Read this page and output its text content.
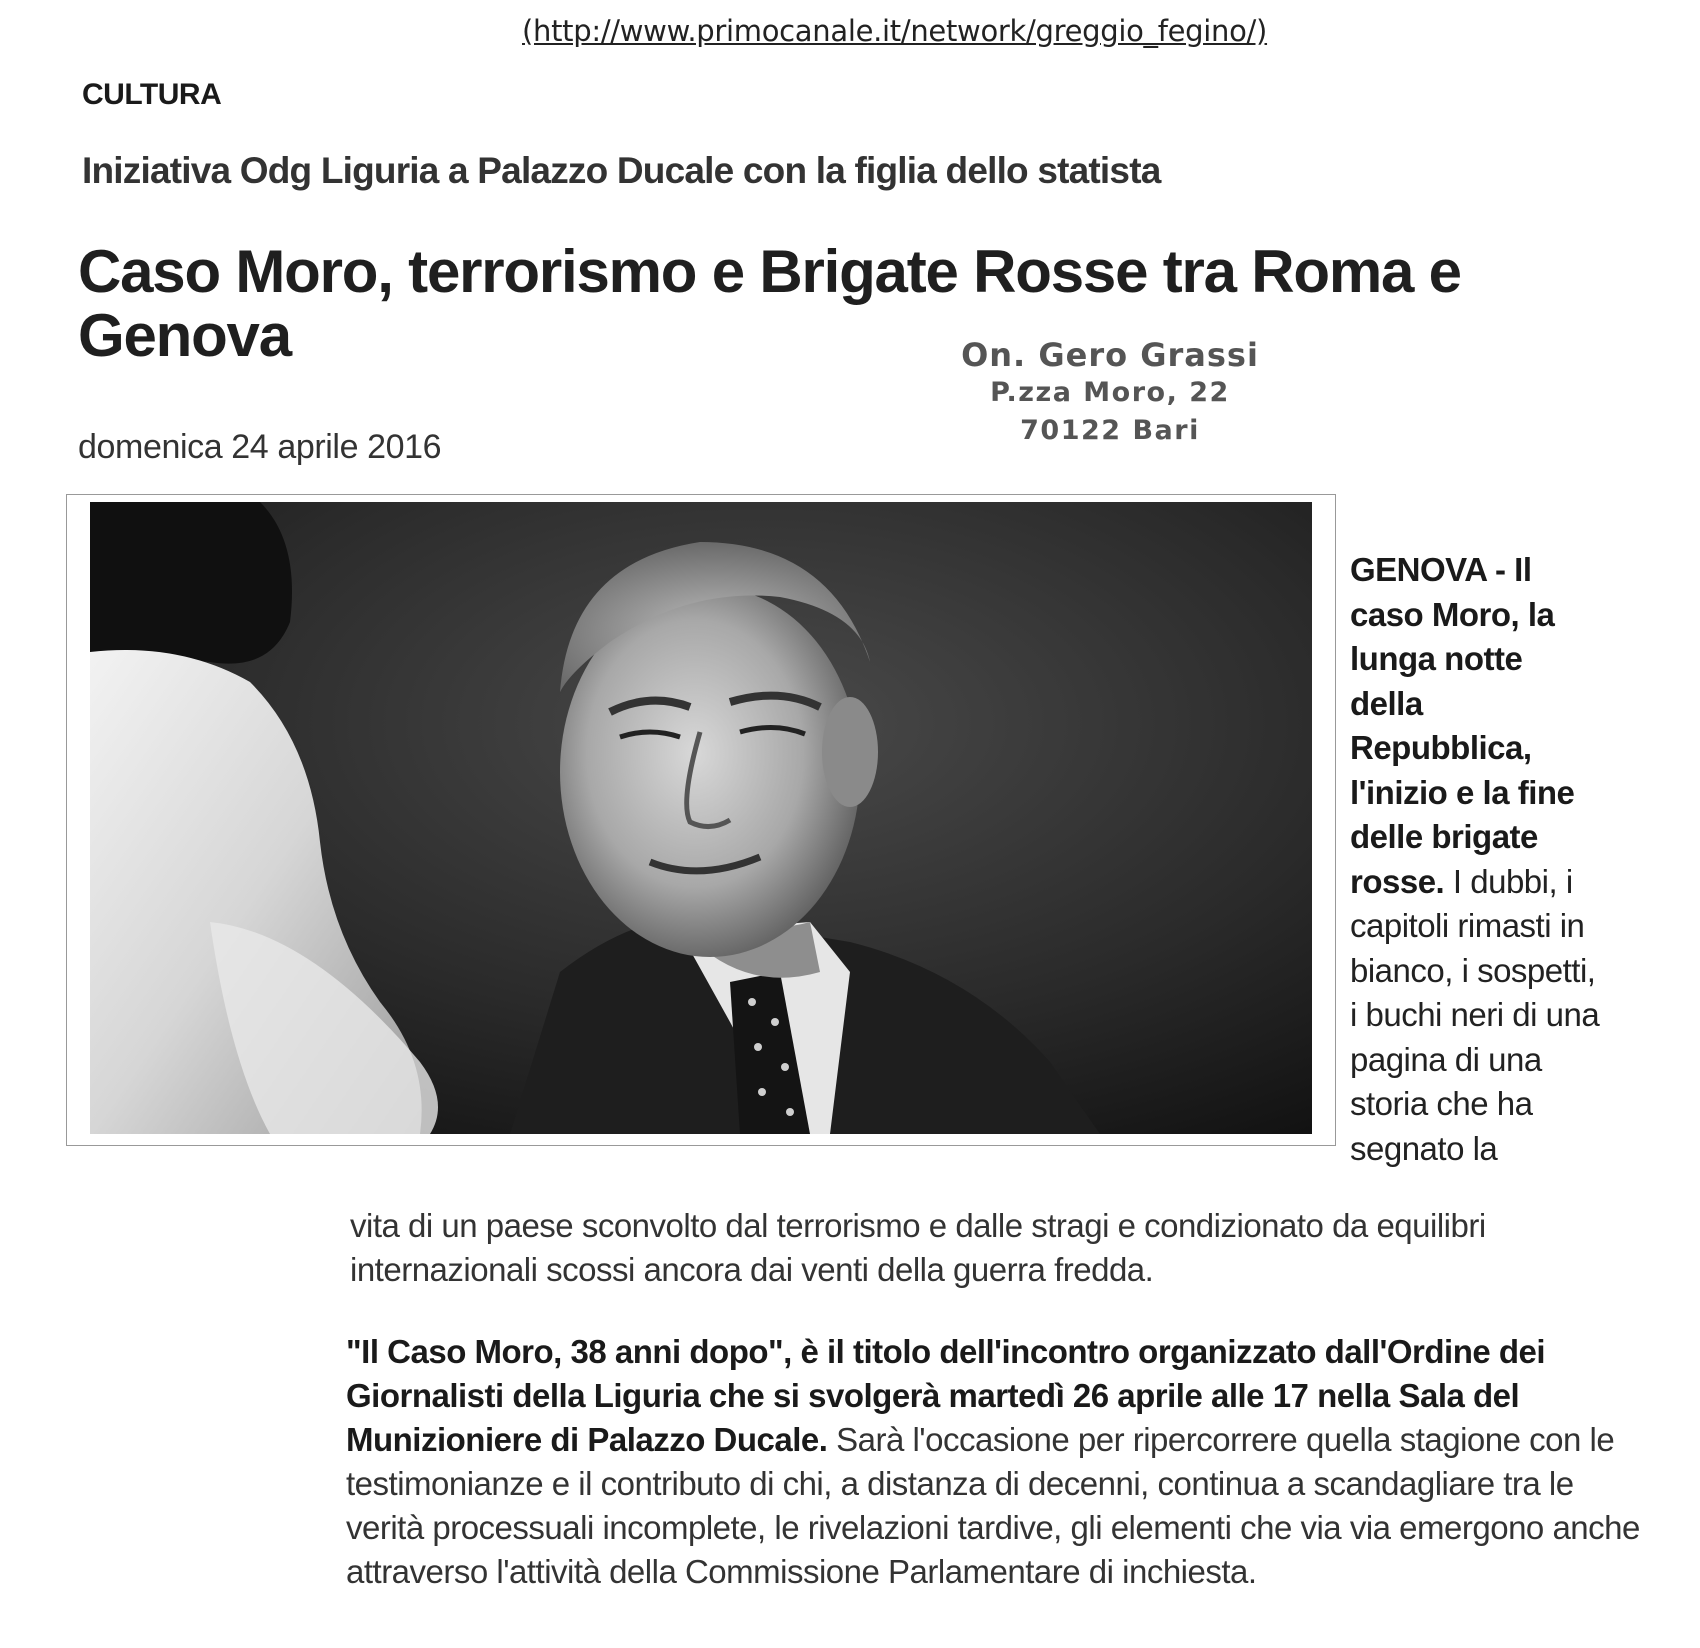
(http://www.primocanale.it/network/greggio_fegino/)
CULTURA
Iniziativa Odg Liguria a Palazzo Ducale con la figlia dello statista
Caso Moro, terrorismo e Brigate Rosse tra Roma e Genova	On. Gero Grassi
P.zza Moro, 22
70122 Bari
domenica 24 aprile 2016
GENOVA - Il caso Moro, la lunga notte della Repubblica, l'inizio e la fine delle brigate rosse. I dubbi, i capitoli rimasti in bianco, i sospetti, i buchi neri di una pagina di una storia che ha segnato la
vita di un paese sconvolto dal terrorismo e dalle stragi e condizionato da equilibri internazionali scossi ancora dai venti della guerra fredda.
"Il Caso Moro, 38 anni dopo", è il titolo dell'incontro organizzato dall'Ordine dei Giornalisti della Liguria che si svolgerà martedì 26 aprile alle 17 nella Sala del Munizioniere di Palazzo Ducale. Sarà l'occasione per ripercorrere quella stagione con le testimonianze e il contributo di chi, a distanza di decenni, continua a scandagliare tra le verità processuali incomplete, le rivelazioni tardive, gli elementi che via via emergono anche attraverso l'attività della Commissione Parlamentare di inchiesta.
